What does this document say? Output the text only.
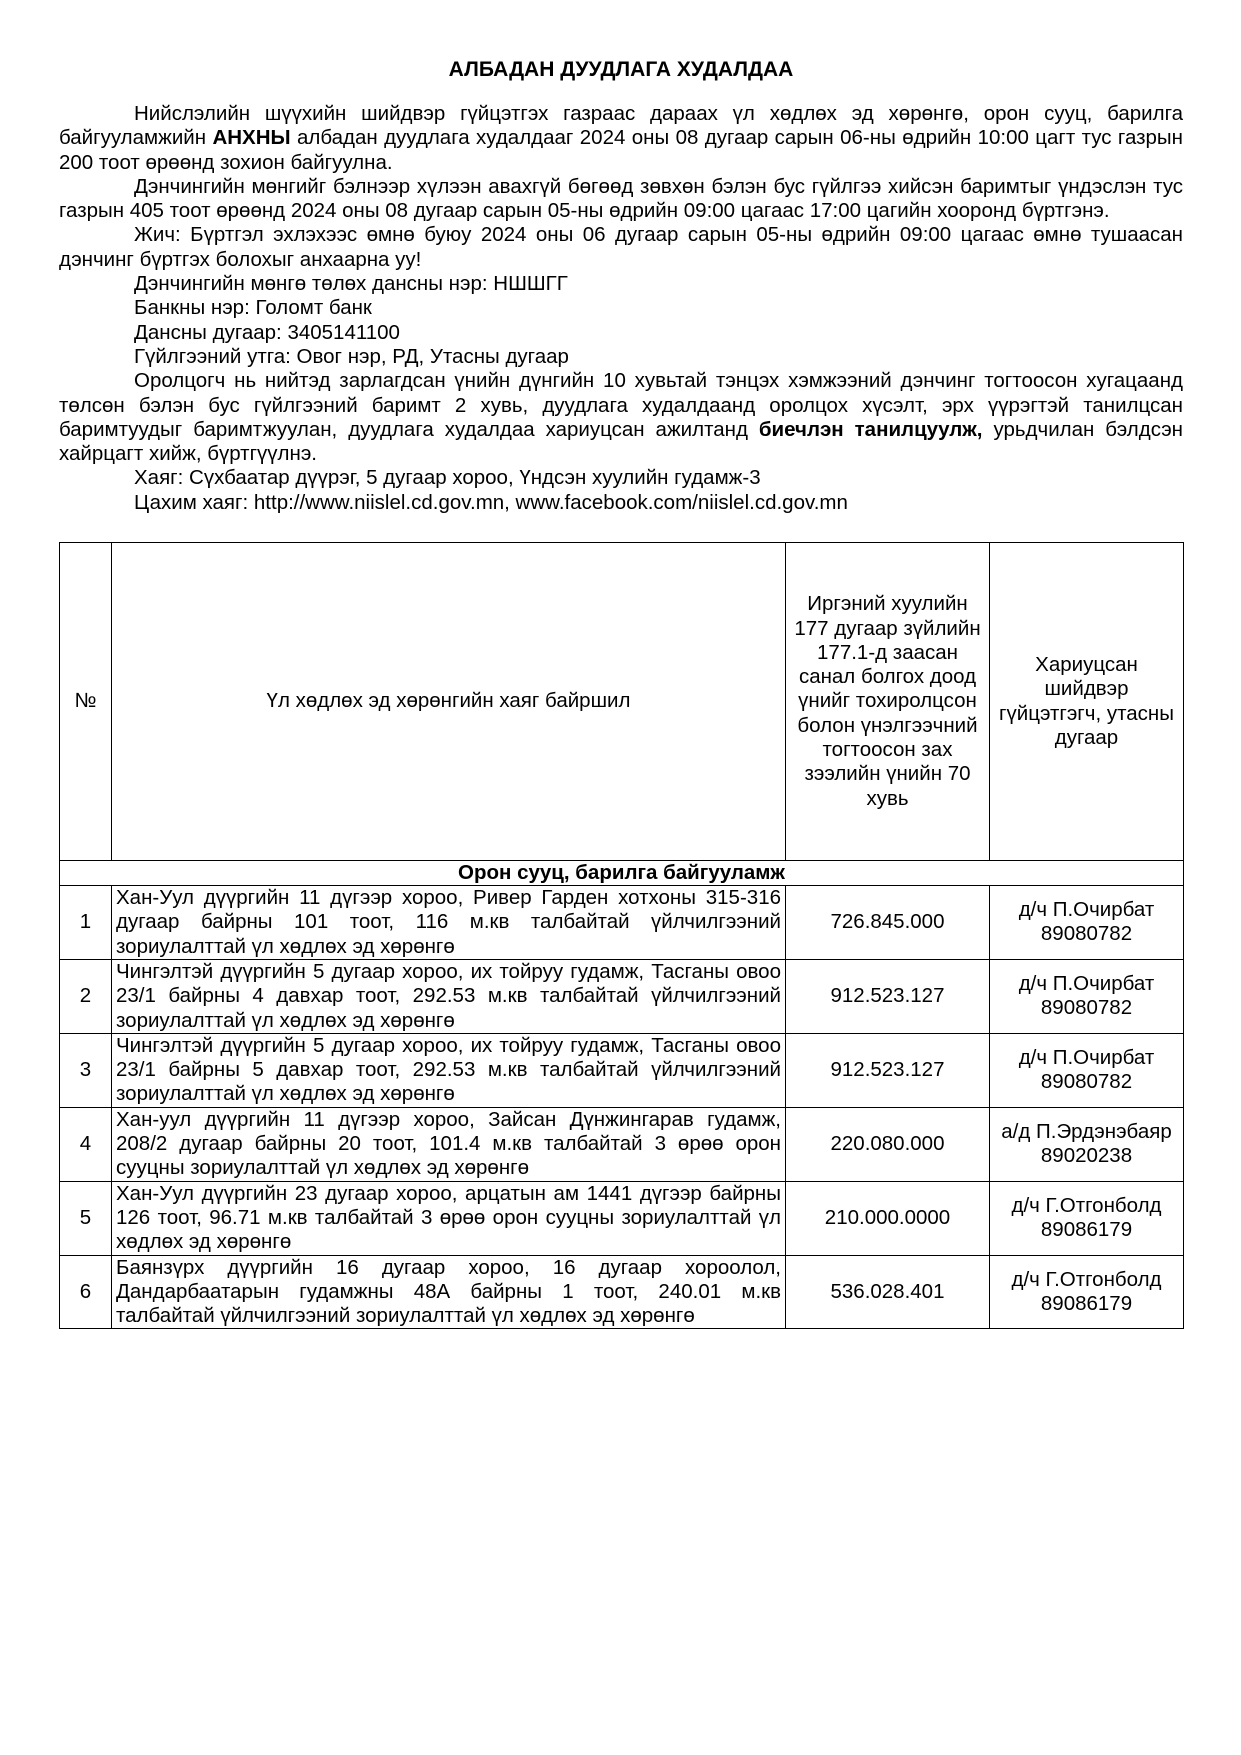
АЛБАДАН ДУУДЛАГА ХУДАЛДАА
Нийслэлийн шүүхийн шийдвэр гүйцэтгэх газраас дараах үл хөдлөх эд хөрөнгө, орон сууц, барилга байгууламжийн АНХНЫ албадан дуудлага худалдааг 2024 оны 08 дугаар сарын 06-ны өдрийн 10:00 цагт тус газрын 200 тоот өрөөнд зохион байгуулна.
Дэнчингийн мөнгийг бэлнээр хүлээн авахгүй бөгөөд зөвхөн бэлэн бус гүйлгээ хийсэн баримтыг үндэслэн тус газрын 405 тоот өрөөнд 2024 оны 08 дугаар сарын 05-ны өдрийн 09:00 цагаас 17:00 цагийн хооронд бүртгэнэ.
Жич: Бүртгэл эхлэхээс өмнө буюу 2024 оны 06 дугаар сарын 05-ны өдрийн 09:00 цагаас өмнө тушаасан дэнчинг бүртгэх болохыг анхаарна уу!
Дэнчингийн мөнгө төлөх дансны нэр: НШШГГ
Банкны нэр: Голомт банк
Дансны дугаар: 3405141100
Гүйлгээний утга: Овог нэр, РД, Утасны дугаар
Оролцогч нь нийтэд зарлагдсан үнийн дүнгийн 10 хувьтай тэнцэх хэмжээний дэнчинг тогтоосон хугацаанд төлсөн бэлэн бус гүйлгээний баримт 2 хувь, дуудлага худалдаанд оролцох хүсэлт, эрх үүрэгтэй танилцсан баримтуудыг баримтжуулан, дуудлага худалдаа хариуцсан ажилтанд биечлэн танилцуулж, урьдчилан бэлдсэн хайрцагт хийж, бүртгүүлнэ.
Хаяг: Сүхбаатар дүүрэг, 5 дугаар хороо, Үндсэн хуулийн гудамж-3
Цахим хаяг: http://www.niislel.cd.gov.mn, www.facebook.com/niislel.cd.gov.mn
№	Үл хөдлөх эд хөрөнгийн хаяг байршил	Иргэний хуулийн 177 дугаар зүйлийн 177.1-д заасан санал болгох доод үнийг тохиролцсон болон үнэлгээчний тогтоосон зах зээлийн үнийн 70 хувь	Хариуцсан шийдвэр гүйцэтгэгч, утасны дугаар
Орон сууц, барилга байгууламж			
1	Хан-Уул дүүргийн 11 дүгээр хороо, Ривер Гарден хотхоны 315-316 дугаар байрны 101 тоот, 116 м.кв талбайтай үйлчилгээний зориулалттай үл хөдлөх эд хөрөнгө	726.845.000	д/ч П.Очирбат
89080782

2	Чингэлтэй дүүргийн 5 дугаар хороо, их тойруу гудамж, Тасганы овоо 23/1 байрны 4 давхар тоот, 292.53 м.кв талбайтай үйлчилгээний зориулалттай үл хөдлөх эд хөрөнгө	912.523.127	д/ч П.Очирбат
89080782

3	Чингэлтэй дүүргийн 5 дугаар хороо, их тойруу гудамж, Тасганы овоо 23/1 байрны 5 давхар тоот, 292.53 м.кв талбайтай үйлчилгээний зориулалттай үл хөдлөх эд хөрөнгө	912.523.127	д/ч П.Очирбат
89080782

4	Хан-уул дүүргийн 11 дүгээр хороо, Зайсан Дүнжингарав гудамж, 208/2 дугаар байрны 20 тоот, 101.4 м.кв талбайтай 3 өрөө орон сууцны зориулалттай үл хөдлөх эд хөрөнгө	220.080.000	а/д П.Эрдэнэбаяр
89020238

5	Хан-Уул дүүргийн 23 дугаар хороо, арцатын ам 1441 дүгээр байрны 126 тоот, 96.71 м.кв талбайтай 3 өрөө орон сууцны зориулалттай үл хөдлөх эд хөрөнгө	210.000.0000	д/ч Г.Отгонболд
89086179

6	Баянзүрх дүүргийн 16 дугаар хороо, 16 дугаар хороолол, Дандарбаатарын гудамжны 48А байрны 1 тоот, 240.01 м.кв талбайтай үйлчилгээний зориулалттай үл хөдлөх эд хөрөнгө	536.028.401	д/ч Г.Отгонболд
89086179
